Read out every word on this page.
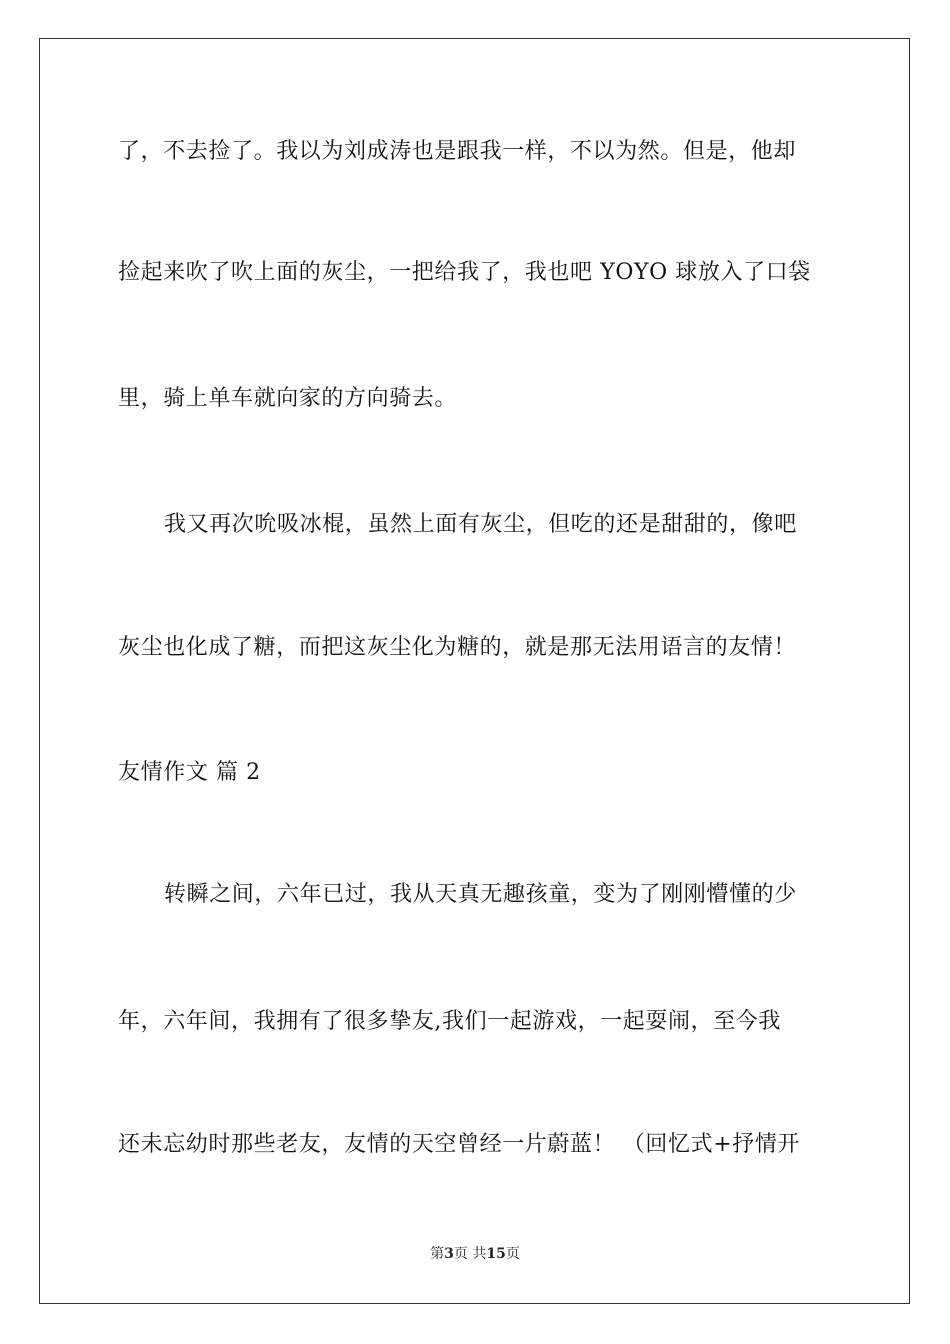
了，不去捡了。我以为刘成涛也是跟我一样，不以为然。但是，他却
捡起来吹了吹上面的灰尘，一把给我了，我也吧 YOYO 球放入了口袋
里，骑上单车就向家的方向骑去。
我又再次吮吸冰棍，虽然上面有灰尘，但吃的还是甜甜的，像吧
灰尘也化成了糖，而把这灰尘化为糖的，就是那无法用语言的友情！
友情作文 篇 2
转瞬之间，六年已过，我从天真无趣孩童，变为了刚刚懵懂的少
年，六年间，我拥有了很多挚友,我们一起游戏，一起耍闹，至今我
还未忘幼时那些老友，友情的天空曾经一片蔚蓝！ （回忆式+抒情开
第3页 共15页
